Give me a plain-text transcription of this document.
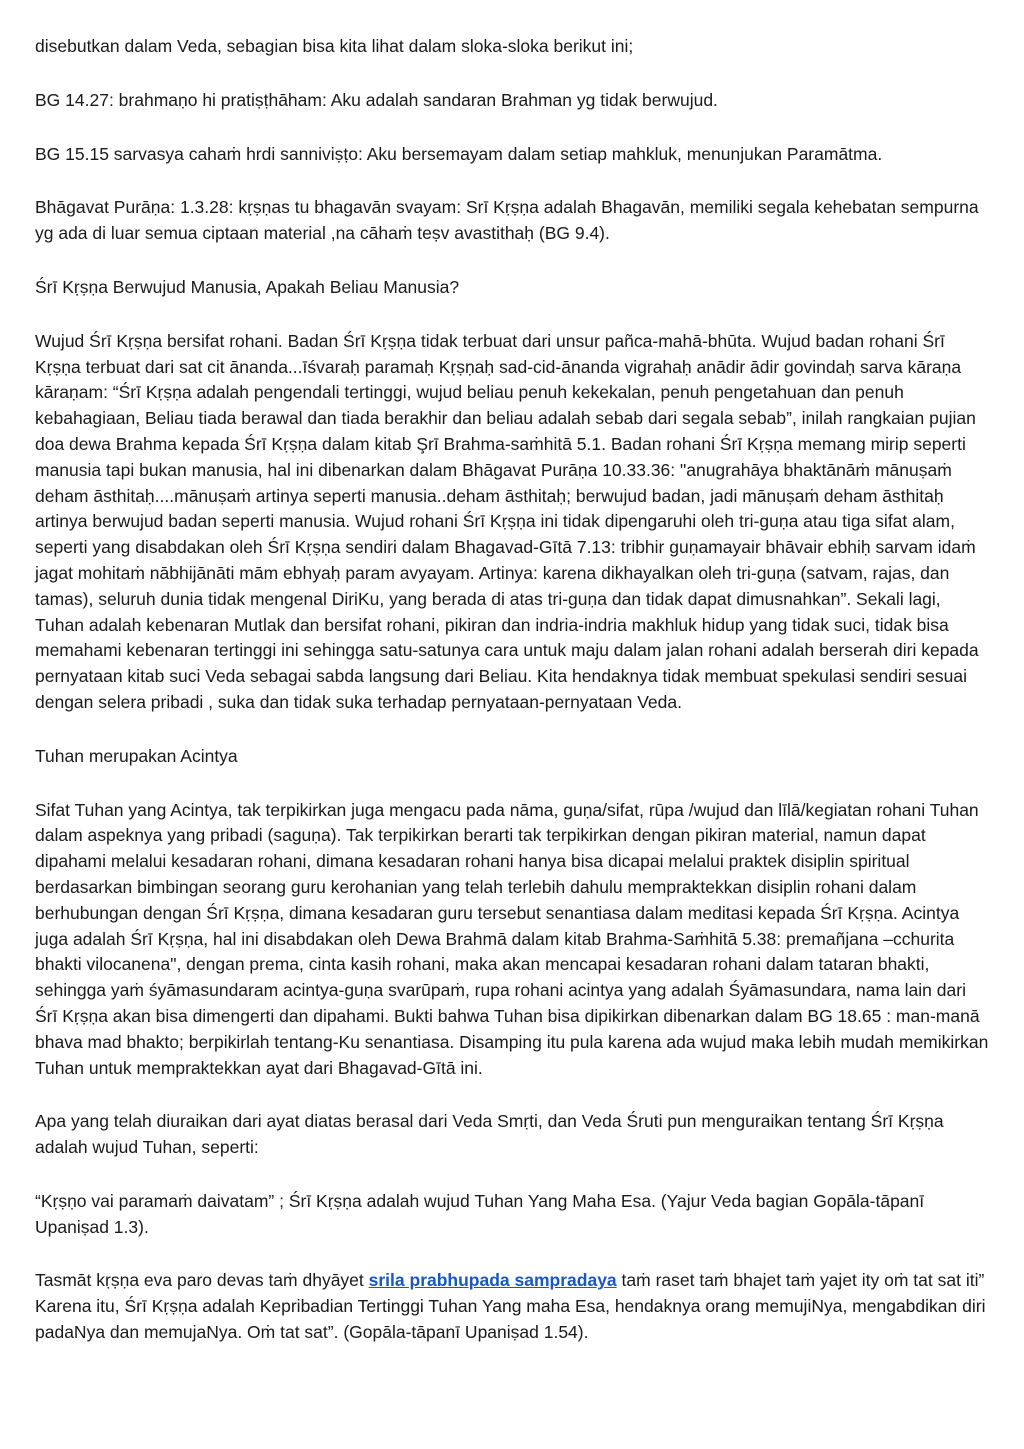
disebutkan dalam Veda, sebagian bisa kita lihat dalam sloka-sloka berikut ini;

BG 14.27: brahmaṇo hi pratiṣṭhāham: Aku adalah sandaran Brahman yg tidak berwujud.

BG 15.15 sarvasya cahaṁ hrdi sanniviṣṭo: Aku bersemayam dalam setiap mahkluk, menunjukan Paramātma.

Bhāgavat Purāṇa: 1.3.28: kṛṣṇas tu bhagavān svayam: Srī Kṛṣṇa adalah Bhagavān, memiliki segala kehebatan sempurna yg ada di luar semua ciptaan material ,na cāhaṁ teṣv avastithaḥ (BG 9.4).

Śrī Kṛṣṇa Berwujud Manusia, Apakah Beliau Manusia?

Wujud Śrī Kṛṣṇa bersifat rohani. Badan Śrī Kṛṣṇa tidak terbuat dari unsur pañca-mahā-bhūta. Wujud badan rohani Śrī Kṛṣṇa terbuat dari sat cit ānanda...īśvaraḥ paramaḥ Kṛṣṇaḥ sad-cid-ānanda vigrahaḥ anādir ādir govindaḥ sarva kāraṇa kāraṇam: “Śrī Kṛṣṇa adalah pengendali tertinggi, wujud beliau penuh kekekalan, penuh pengetahuan dan penuh kebahagiaan, Beliau tiada berawal dan tiada berakhir dan beliau adalah sebab dari segala sebab”, inilah rangkaian pujian doa dewa Brahma kepada Śrī Kṛṣṇa dalam kitab Şrī Brahma-saṁhitā 5.1. Badan rohani Śrī Kṛṣṇa memang mirip seperti manusia tapi bukan manusia, hal ini dibenarkan dalam Bhāgavat Purāṇa 10.33.36: "anugrahāya bhaktānāṁ mānuṣaṁ deham āsthitaḥ....mānuṣaṁ artinya seperti manusia..deham āsthitaḥ; berwujud badan, jadi mānuṣaṁ deham āsthitaḥ artinya berwujud badan seperti manusia. Wujud rohani Śrī Kṛṣṇa ini tidak dipengaruhi oleh tri-guṇa atau tiga sifat alam, seperti yang disabdakan oleh Śrī Kṛṣṇa sendiri dalam Bhagavad-Gītā 7.13: tribhir guṇamayair bhāvair ebhiḥ sarvam idaṁ jagat mohitaṁ nābhijānāti mām ebhyaḥ param avyayam. Artinya: karena dikhayalkan oleh tri-guṇa (satvam, rajas, dan tamas), seluruh dunia tidak mengenal DiriKu, yang berada di atas tri-guṇa dan tidak dapat dimusnahkan”. Sekali lagi, Tuhan adalah kebenaran Mutlak dan bersifat rohani, pikiran dan indria-indria makhluk hidup yang tidak suci, tidak bisa memahami kebenaran tertinggi ini sehingga satu-satunya cara untuk maju dalam jalan rohani adalah berserah diri kepada pernyataan kitab suci Veda sebagai sabda langsung dari Beliau. Kita hendaknya tidak membuat spekulasi sendiri sesuai dengan selera pribadi , suka dan tidak suka terhadap pernyataan-pernyataan Veda.

Tuhan merupakan Acintya

Sifat Tuhan yang Acintya, tak terpikirkan juga mengacu pada nāma, guṇa/sifat, rūpa /wujud dan līlā/kegiatan rohani Tuhan dalam aspeknya yang pribadi (saguṇa). Tak terpikirkan berarti tak terpikirkan dengan pikiran material, namun dapat dipahami melalui kesadaran rohani, dimana kesadaran rohani hanya bisa dicapai melalui praktek disiplin spiritual berdasarkan bimbingan seorang guru kerohanian yang telah terlebih dahulu mempraktekkan disiplin rohani dalam berhubungan dengan Śrī Kṛṣṇa, dimana kesadaran guru tersebut senantiasa dalam meditasi kepada Śrī Kṛṣṇa. Acintya juga adalah Śrī Kṛṣṇa, hal ini disabdakan oleh Dewa Brahmā dalam kitab Brahma-Saṁhitā 5.38: premañjana –cchurita bhakti vilocanena", dengan prema, cinta kasih rohani, maka akan mencapai kesadaran rohani dalam tataran bhakti, sehingga yaṁ śyāmasundaram acintya-guṇa svarūpaṁ, rupa rohani acintya yang adalah Śyāmasundara, nama lain dari Śrī Kṛṣṇa akan bisa dimengerti dan dipahami. Bukti bahwa Tuhan bisa dipikirkan dibenarkan dalam BG 18.65 : man-manā bhava mad bhakto; berpikirlah tentang-Ku senantiasa. Disamping itu pula karena ada wujud maka lebih mudah memikirkan Tuhan untuk mempraktekkan ayat dari Bhagavad-Gītā ini.

Apa yang telah diuraikan dari ayat diatas berasal dari Veda Smṛti, dan Veda Śruti pun menguraikan tentang Śrī Kṛṣṇa adalah wujud Tuhan, seperti:

“Kṛṣṇo vai paramaṁ daivatam” ; Śrī Kṛṣṇa adalah wujud Tuhan Yang Maha Esa. (Yajur Veda bagian Gopāla-tāpanī Upaniṣad 1.3).

Tasmāt kṛṣṇa eva paro devas taṁ dhyāyet srila prabhupada sampradaya taṁ raset taṁ bhajet taṁ yajet ity oṁ tat sat iti” Karena itu, Śrī Kṛṣṇa adalah Kepribadian Tertinggi Tuhan Yang maha Esa, hendaknya orang memujiNya, mengabdikan diri padaNya dan memujaNya. Oṁ tat sat”. (Gopāla-tāpanī Upaniṣad 1.54).
